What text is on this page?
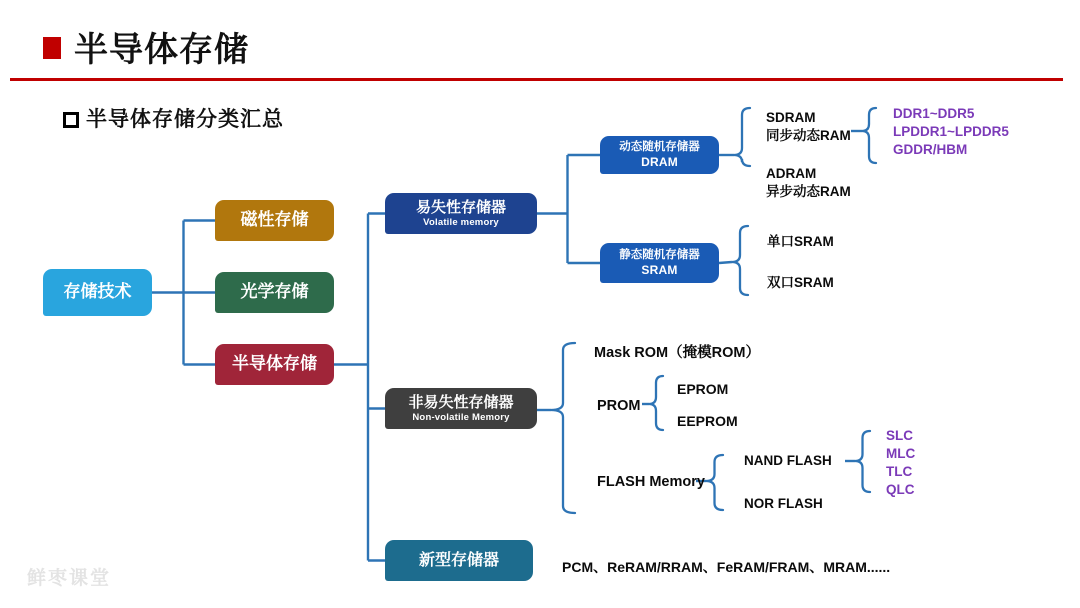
半导体存储
半导体存储分类汇总
存储技术
磁性存储
光学存储
半导体存储
易失性存储器
Volatile memory
非易失性存储器
Non-volatile Memory
新型存储器
动态随机存储器
DRAM
静态随机存储器
SRAM
SDRAM
同步动态RAM
ADRAM
异步动态RAM
DDR1~DDR5
LPDDR1~LPDDR5
GDDR/HBM
单口SRAM
双口SRAM
Mask ROM（掩模ROM）
PROM
EPROM
EEPROM
FLASH Memory
NAND FLASH
NOR FLASH
SLC
MLC
TLC
QLC
PCM、ReRAM/RRAM、FeRAM/FRAM、MRAM......
鲜枣课堂
